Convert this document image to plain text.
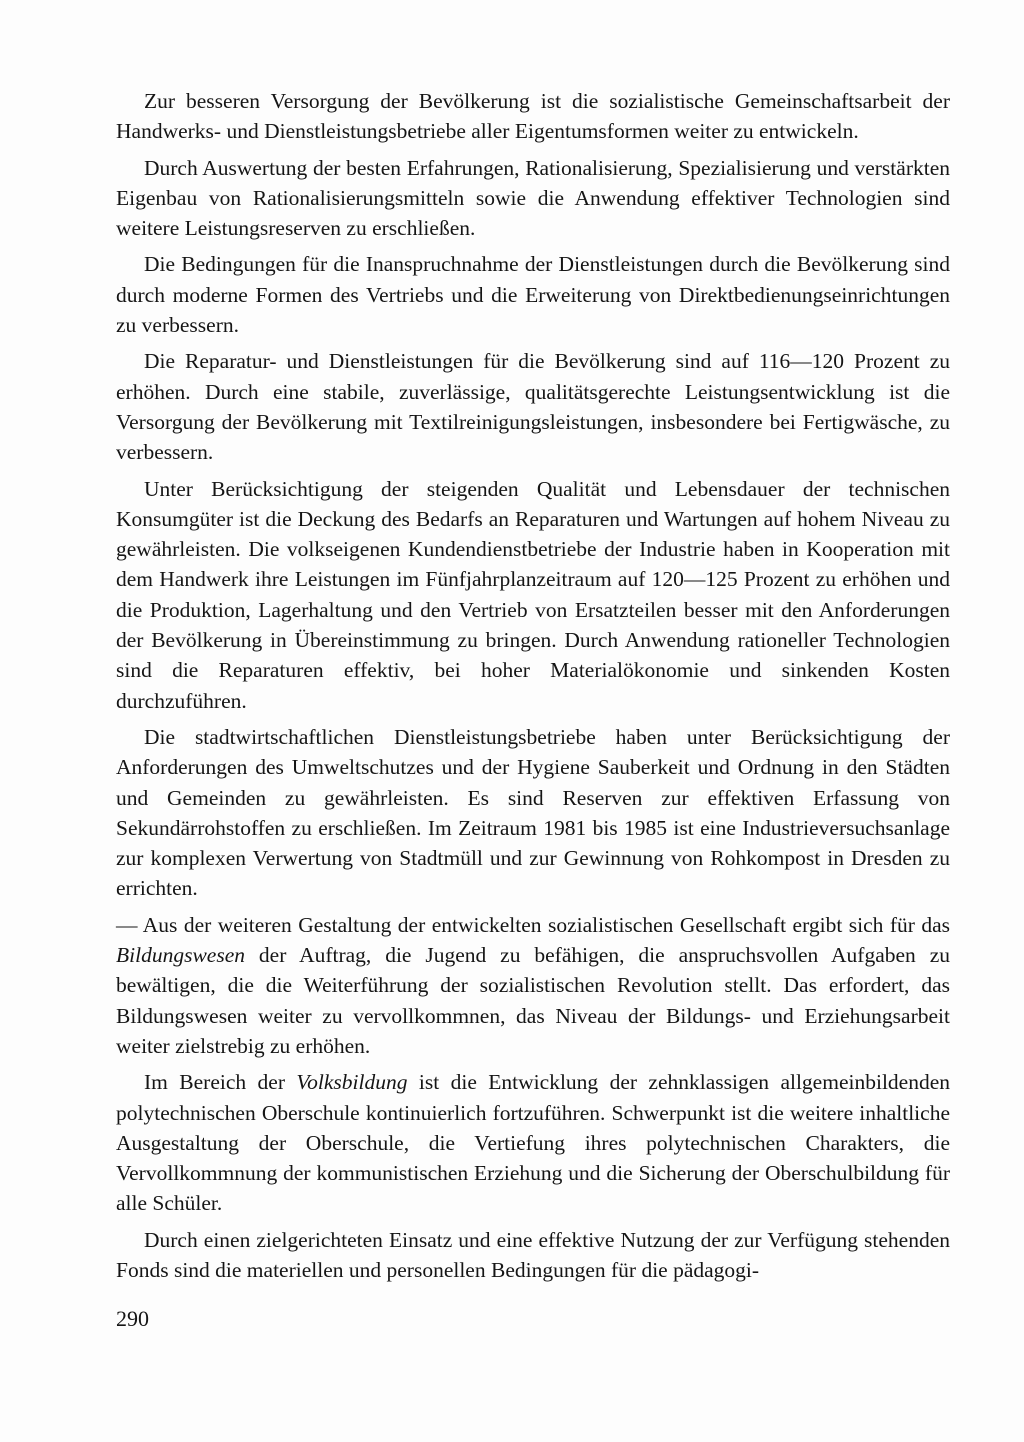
Zur besseren Versorgung der Bevölkerung ist die sozialistische Gemeinschaftsarbeit der Handwerks- und Dienstleistungsbetriebe aller Eigentumsformen weiter zu entwickeln.

Durch Auswertung der besten Erfahrungen, Rationalisierung, Spezialisierung und verstärkten Eigenbau von Rationalisierungsmitteln sowie die Anwendung effektiver Technologien sind weitere Leistungsreserven zu erschließen.

Die Bedingungen für die Inanspruchnahme der Dienstleistungen durch die Bevölkerung sind durch moderne Formen des Vertriebs und die Erweiterung von Direktbedienungseinrichtungen zu verbessern.

Die Reparatur- und Dienstleistungen für die Bevölkerung sind auf 116—120 Prozent zu erhöhen. Durch eine stabile, zuverlässige, qualitätsgerechte Leistungsentwicklung ist die Versorgung der Bevölkerung mit Textilreinigungsleistungen, insbesondere bei Fertigwäsche, zu verbessern.

Unter Berücksichtigung der steigenden Qualität und Lebensdauer der technischen Konsumgüter ist die Deckung des Bedarfs an Reparaturen und Wartungen auf hohem Niveau zu gewährleisten. Die volkseigenen Kundendienstbetriebe der Industrie haben in Kooperation mit dem Handwerk ihre Leistungen im Fünfjahrplanzeitraum auf 120—125 Prozent zu erhöhen und die Produktion, Lagerhaltung und den Vertrieb von Ersatzteilen besser mit den Anforderungen der Bevölkerung in Übereinstimmung zu bringen. Durch Anwendung rationeller Technologien sind die Reparaturen effektiv, bei hoher Materialökonomie und sinkenden Kosten durchzuführen.

Die stadtwirtschaftlichen Dienstleistungsbetriebe haben unter Berücksichtigung der Anforderungen des Umweltschutzes und der Hygiene Sauberkeit und Ordnung in den Städten und Gemeinden zu gewährleisten. Es sind Reserven zur effektiven Erfassung von Sekundärrohstoffen zu erschließen. Im Zeitraum 1981 bis 1985 ist eine Industrieversuchsanlage zur komplexen Verwertung von Stadtmüll und zur Gewinnung von Rohkompost in Dresden zu errichten.

— Aus der weiteren Gestaltung der entwickelten sozialistischen Gesellschaft ergibt sich für das Bildungswesen der Auftrag, die Jugend zu befähigen, die anspruchsvollen Aufgaben zu bewältigen, die die Weiterführung der sozialistischen Revolution stellt. Das erfordert, das Bildungswesen weiter zu vervollkommnen, das Niveau der Bildungs- und Erziehungsarbeit weiter zielstrebig zu erhöhen.

Im Bereich der Volksbildung ist die Entwicklung der zehnklassigen allgemeinbildenden polytechnischen Oberschule kontinuierlich fortzuführen. Schwerpunkt ist die weitere inhaltliche Ausgestaltung der Oberschule, die Vertiefung ihres polytechnischen Charakters, die Vervollkommnung der kommunistischen Erziehung und die Sicherung der Oberschulbildung für alle Schüler.

Durch einen zielgerichteten Einsatz und eine effektive Nutzung der zur Verfügung stehenden Fonds sind die materiellen und personellen Bedingungen für die pädagogi-

290
